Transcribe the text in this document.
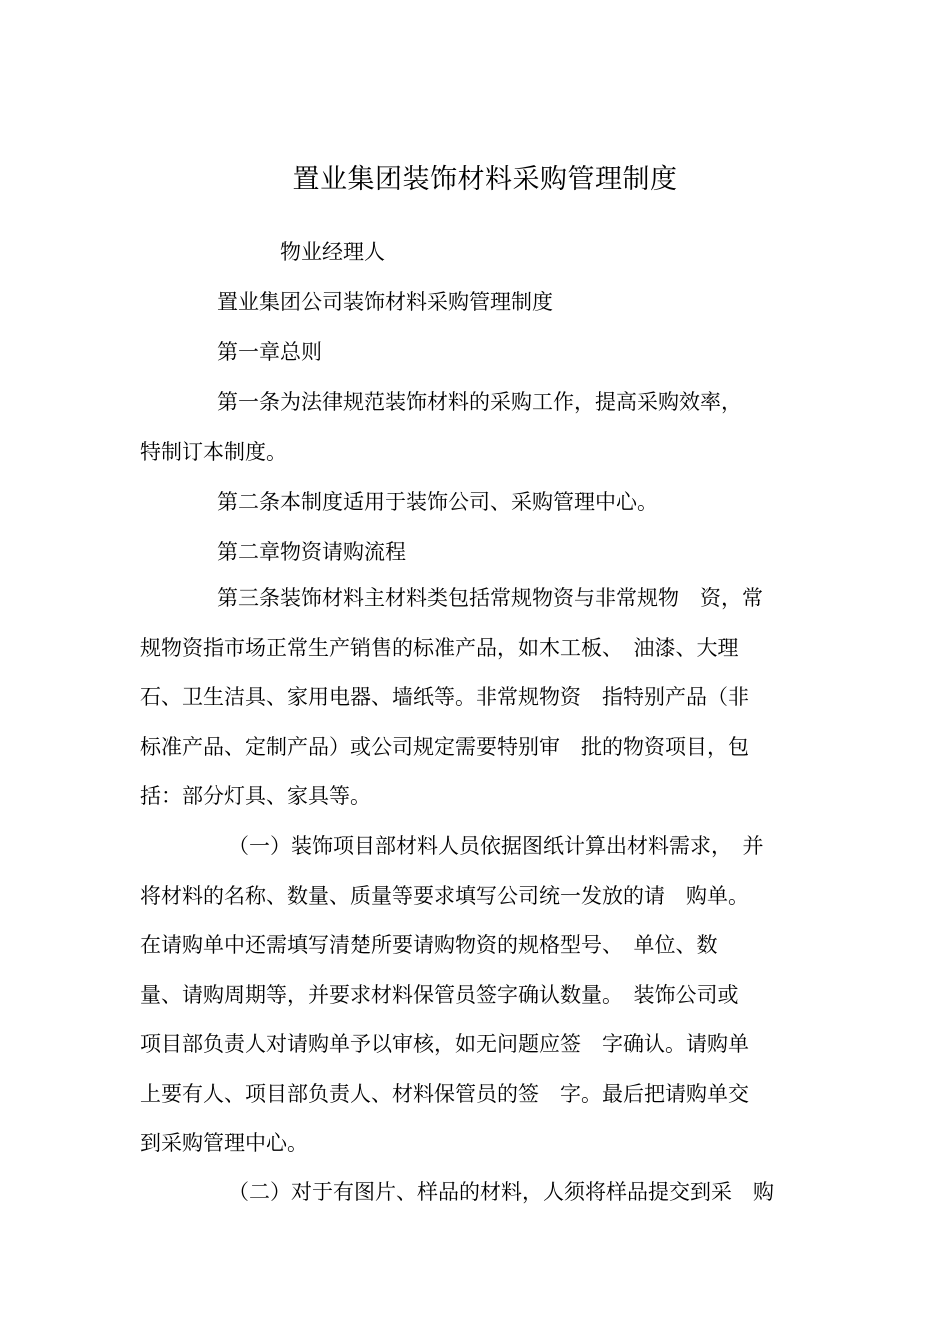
置业集团装饰材料采购管理制度
物业经理人
置业集团公司装饰材料采购管理制度
第一章总则
第一条为法律规范装饰材料的采购工作，提高采购效率，
特制订本制度。
第二条本制度适用于装饰公司、采购管理中心。
第二章物资请购流程
第三条装饰材料主材料类包括常规物资与非常规物　资，常
规物资指市场正常生产销售的标准产品，如木工板、　油漆、大理
石、卫生洁具、家用电器、墙纸等。非常规物资　指特别产品（非
标准产品、定制产品）或公司规定需要特别审　批的物资项目，包
括：部分灯具、家具等。
（一）装饰项目部材料人员依据图纸计算出材料需求，　并
将材料的名称、数量、质量等要求填写公司统一发放的请　购单。
在请购单中还需填写清楚所要请购物资的规格型号、　单位、数
量、请购周期等，并要求材料保管员签字确认数量。　装饰公司或
项目部负责人对请购单予以审核，如无问题应签　字确认。请购单
上要有人、项目部负责人、材料保管员的签　字。最后把请购单交
到采购管理中心。
（二）对于有图片、样品的材料，人须将样品提交到采　购
